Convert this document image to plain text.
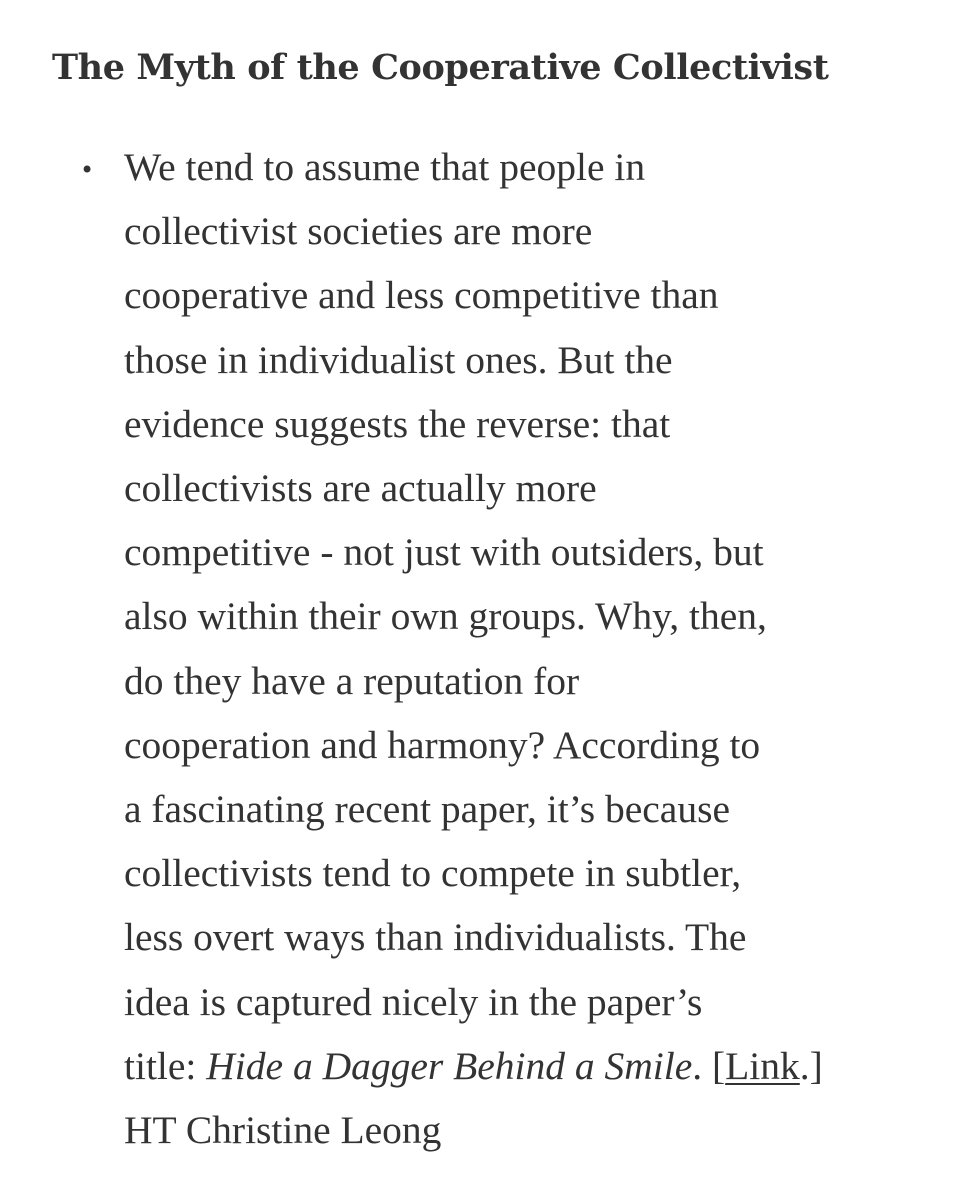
The Myth of the Cooperative Collectivist
• We tend to assume that people in
collectivist societies are more
cooperative and less competitive than
those in individualist ones. But the
evidence suggests the reverse: that
collectivists are actually more
competitive - not just with outsiders, but
also within their own groups. Why, then,
do they have a reputation for
cooperation and harmony? According to
a fascinating recent paper, it’s because
collectivists tend to compete in subtler,
less overt ways than individualists. The
idea is captured nicely in the paper’s
title: Hide a Dagger Behind a Smile. [Link.]
HT Christine Leong
